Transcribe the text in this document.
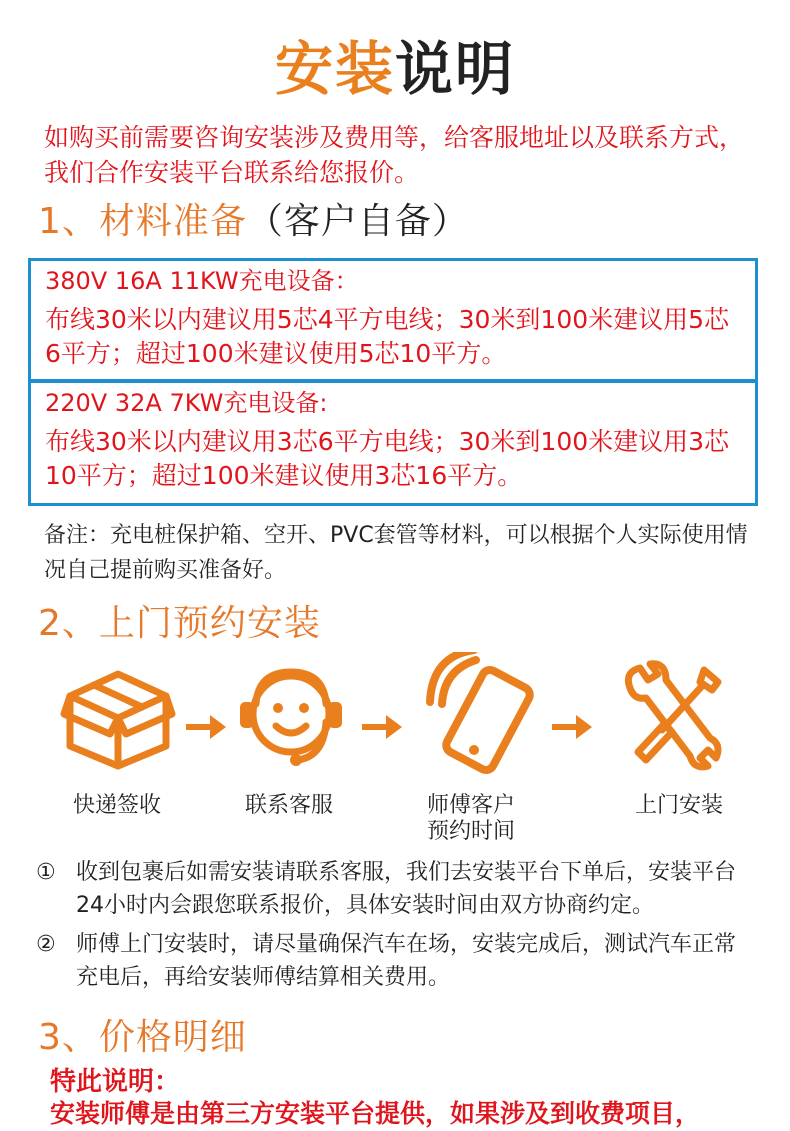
安装说明
如购买前需要咨询安装涉及费用等，给客服地址以及联系方式，我们合作安装平台联系给您报价。
1、材料准备（客户自备）
380V 16A 11KW充电设备：
布线30米以内建议用5芯4平方电线；30米到100米建议用5芯6平方；超过100米建议使用5芯10平方。
220V 32A 7KW充电设备:
布线30米以内建议用3芯6平方电线；30米到100米建议用3芯10平方；超过100米建议使用3芯16平方。
备注：充电桩保护箱、空开、PVC套管等材料，可以根据个人实际使用情况自己提前购买准备好。
2、上门预约安装
快递签收	联系客服	师傅客户
预约时间
上门安装
① 收到包裹后如需安装请联系客服，我们去安装平台下单后，安装平台24小时内会跟您联系报价，具体安装时间由双方协商约定。
② 师傅上门安装时，请尽量确保汽车在场，安装完成后，测试汽车正常充电后，再给安装师傅结算相关费用。
3、价格明细
特此说明：
安装师傅是由第三方安装平台提供，如果涉及到收费项目，
